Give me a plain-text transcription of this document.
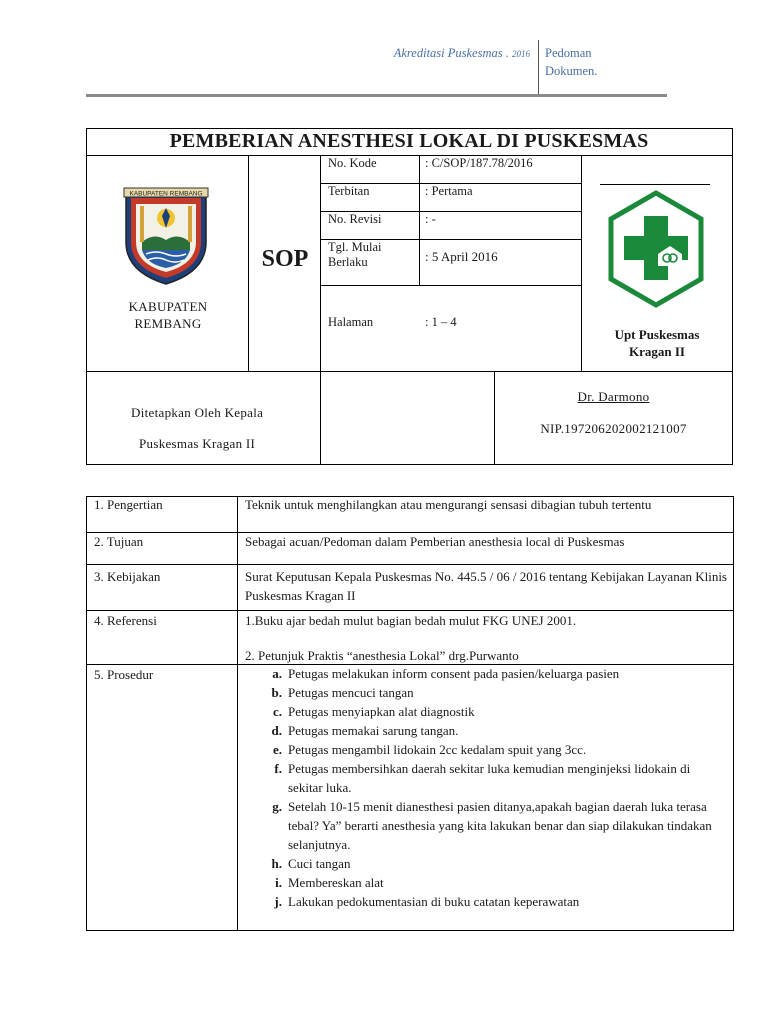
Akreditasi Puskesmas . 2016 Pedoman
Dokumen.
PEMBERIAN ANESTHESI LOKAL DI PUSKESMAS
KABUPATEN REMBANG
KABUPATEN
REMBANG
SOP
No. Kode	: C/SOP/187.78/2016
Terbitan	: Pertama
No. Revisi	: -
Tgl. Mulai Berlaku	: 5 April 2016
Halaman	: 1 – 4
Upt Puskesmas
Kragan II
Ditetapkan Oleh Kepala
Puskesmas Kragan II
Dr. Darmono
NIP.197206202002121007
1. Pengertian	Teknik untuk menghilangkan atau mengurangi sensasi dibagian tubuh tertentu
2. Tujuan	Sebagai acuan/Pedoman dalam Pemberian anesthesia local di Puskesmas
3. Kebijakan	Surat Keputusan Kepala Puskesmas No. 445.5 / 06 / 2016 tentang Kebijakan Layanan Klinis Puskesmas Kragan II
4. Referensi	1.Buku ajar bedah mulut bagian bedah mulut FKG UNEJ 2001.
2. Petunjuk Praktis “anesthesia Lokal” drg.Purwanto
5. Prosedur	a. Petugas melakukan inform consent pada pasien/keluarga pasien
b. Petugas mencuci tangan
c. Petugas menyiapkan alat diagnostik
d. Petugas memakai sarung tangan.
e. Petugas mengambil lidokain 2cc kedalam spuit yang 3cc.
f. Petugas membersihkan daerah sekitar luka kemudian menginjeksi lidokain di sekitar luka.
g. Setelah 10-15 menit dianesthesi pasien ditanya,apakah bagian daerah luka terasa tebal? Ya” berarti anesthesia yang kita lakukan benar dan siap dilakukan tindakan selanjutnya.
h. Cuci tangan
i. Membereskan alat
j. Lakukan pedokumentasian di buku catatan keperawatan
